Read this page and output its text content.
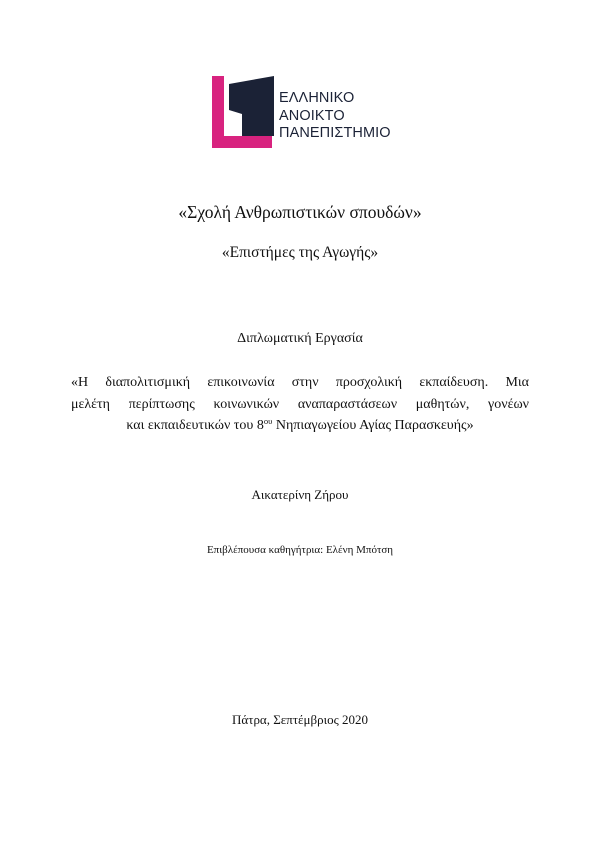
ΕΛΛΗΝΙΚΟ
ΑΝΟΙΚΤΟ
ΠΑΝΕΠΙΣΤΗΜΙΟ
«Σχολή Ανθρωπιστικών σπουδών»
«Επιστήμες της Αγωγής»
Διπλωματική Εργασία
«Η διαπολιτισμική επικοινωνία στην προσχολική εκπαίδευση. Μια
μελέτη περίπτωσης κοινωνικών αναπαραστάσεων μαθητών, γονέων
και εκπαιδευτικών του $8^{o\upsilon}$ Νηπιαγωγείου Αγίας Παρασκευής»
Αικατερίνη Ζήρου
Επιβλέπουσα καθηγήτρια: Ελένη Μπότση
Πάτρα, Σεπτέμβριος 2020
